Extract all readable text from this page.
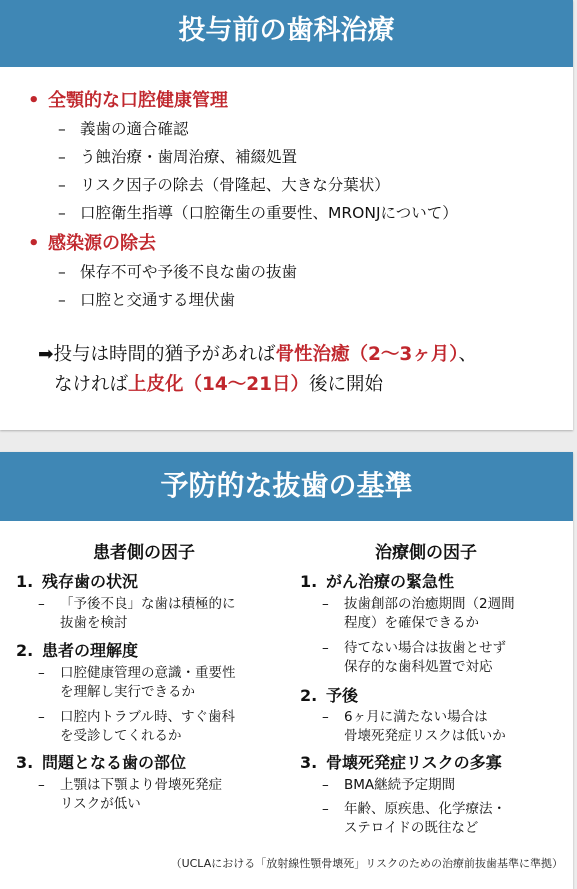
投与前の歯科治療
• 全顎的な口腔健康管理
– 義歯の適合確認
– う蝕治療・歯周治療、補綴処置
– リスク因子の除去（骨隆起、大きな分葉状）
– 口腔衛生指導（口腔衛生の重要性、MRONJについて）
• 感染源の除去
– 保存不可や予後不良な歯の抜歯
– 口腔と交通する埋伏歯
➡投与は時間的猶予があれば骨性治癒（2〜3ヶ月）、
なければ上皮化（14〜21日）後に開始
予防的な抜歯の基準
患者側の因子
1. 残存歯の状況
– 「予後不良」な歯は積極的に
抜歯を検討
2. 患者の理解度
– 口腔健康管理の意識・重要性
を理解し実行できるか
– 口腔内トラブル時、すぐ歯科
を受診してくれるか
3. 問題となる歯の部位
– 上顎は下顎より骨壊死発症
リスクが低い
治療側の因子
1. がん治療の緊急性
– 抜歯創部の治癒期間（2週間
程度）を確保できるか
– 待てない場合は抜歯とせず
保存的な歯科処置で対応
2. 予後
– 6ヶ月に満たない場合は
骨壊死発症リスクは低いか
3. 骨壊死発症リスクの多寡
– BMA継続予定期間
– 年齢、原疾患、化学療法・
ステロイドの既往など
（UCLAにおける「放射線性顎骨壊死」リスクのための治療前抜歯基準に準拠）
